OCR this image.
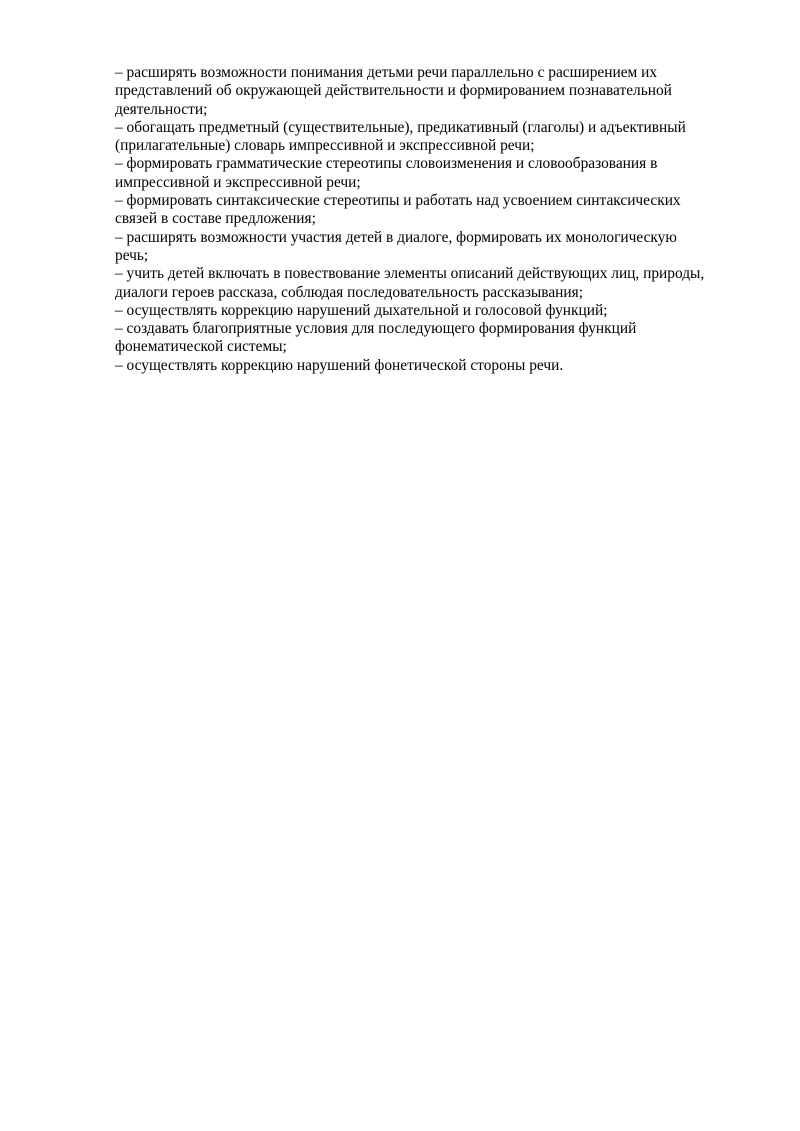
– расширять возможности понимания детьми речи параллельно с расширением их
представлений об окружающей действительности и формированием познавательной
деятельности;
– обогащать предметный (существительные), предикативный (глаголы) и адъективный
(прилагательные) словарь импрессивной и экспрессивной речи;
– формировать грамматические стереотипы словоизменения и словообразования в
импрессивной и экспрессивной речи;
– формировать синтаксические стереотипы и работать над усвоением синтаксических
связей в составе предложения;
– расширять возможности участия детей в диалоге, формировать их монологическую
речь;
– учить детей включать в повествование элементы описаний действующих лиц, природы,
диалоги героев рассказа, соблюдая последовательность рассказывания;
– осуществлять коррекцию нарушений дыхательной и голосовой функций;
– создавать благоприятные условия для последующего формирования функций
фонематической системы;
– осуществлять коррекцию нарушений фонетической стороны речи.
